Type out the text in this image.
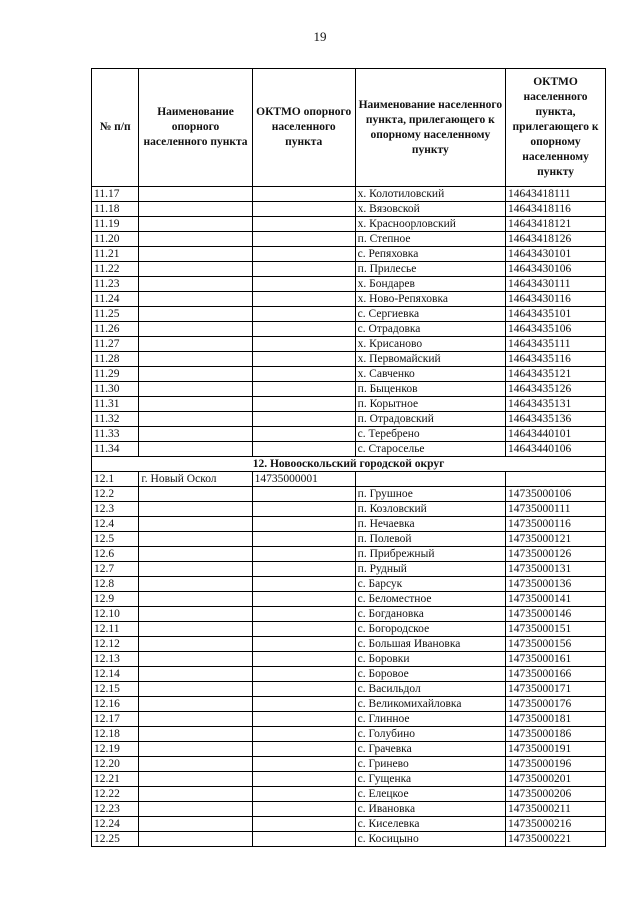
19
№ п/п	Наименование опорного населенного пункта	ОКТМО опорного населенного пункта	Наименование населенного пункта, прилегающего к опорному населенному пункту	ОКТМО населенного пункта, прилегающего к опорному населенному пункту
11.17			х. Колотиловский	14643418111
11.18			х. Вязовской	14643418116
11.19			х. Красноорловский	14643418121
11.20			п. Степное	14643418126
11.21			с. Репяховка	14643430101
11.22			п. Прилесье	14643430106
11.23			х. Бондарев	14643430111
11.24			х. Ново-Репяховка	14643430116
11.25			с. Сергиевка	14643435101
11.26			с. Отрадовка	14643435106
11.27			х. Крисаново	14643435111
11.28			х. Первомайский	14643435116
11.29			х. Савченко	14643435121
11.30			п. Быценков	14643435126
11.31			п. Корытное	14643435131
11.32			п. Отрадовский	14643435136
11.33			с. Теребрено	14643440101
11.34			с. Староселье	14643440106
12. Новооскольский городской округ				
12.1	г. Новый Оскол	14735000001		
12.2			п. Грушное	14735000106
12.3			п. Козловский	14735000111
12.4			п. Нечаевка	14735000116
12.5			п. Полевой	14735000121
12.6			п. Прибрежный	14735000126
12.7			п. Рудный	14735000131
12.8			с. Барсук	14735000136
12.9			с. Беломестное	14735000141
12.10			с. Богдановка	14735000146
12.11			с. Богородское	14735000151
12.12			с. Большая Ивановка	14735000156
12.13			с. Боровки	14735000161
12.14			с. Боровое	14735000166
12.15			с. Васильдол	14735000171
12.16			с. Великомихайловка	14735000176
12.17			с. Глинное	14735000181
12.18			с. Голубино	14735000186
12.19			с. Грачевка	14735000191
12.20			с. Гринево	14735000196
12.21			с. Гущенка	14735000201
12.22			с. Елецкое	14735000206
12.23			с. Ивановка	14735000211
12.24			с. Киселевка	14735000216
12.25			с. Косицыно	14735000221
